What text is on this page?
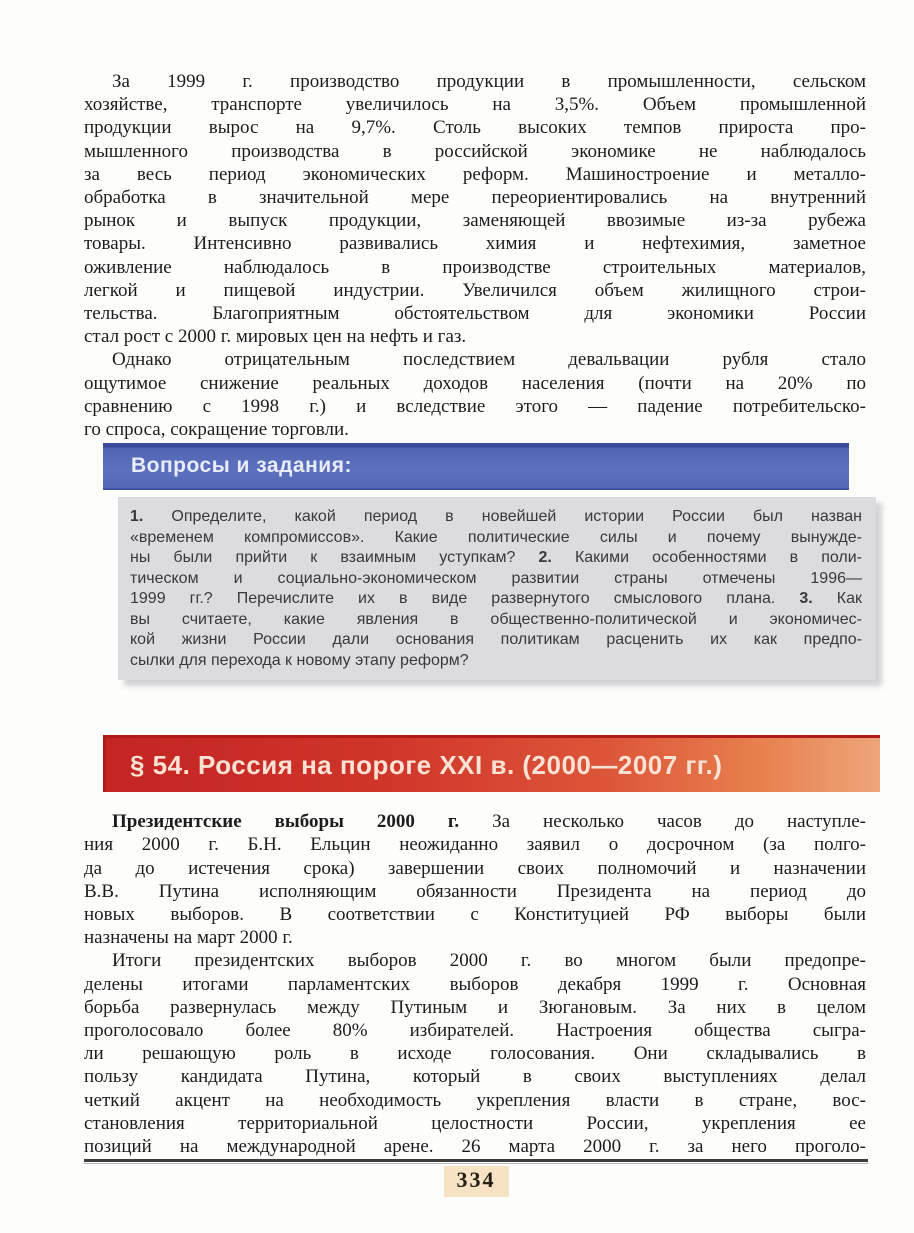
За 1999 г. производство продукции в промышленности, сельском
хозяйстве, транспорте увеличилось на 3,5%. Объем промышленной
продукции вырос на 9,7%. Столь высоких темпов прироста про-
мышленного производства в российской экономике не наблюдалось
за весь период экономических реформ. Машиностроение и металло-
обработка в значительной мере переориентировались на внутренний
рынок и выпуск продукции, заменяющей ввозимые из-за рубежа
товары. Интенсивно развивались химия и нефтехимия, заметное
оживление наблюдалось в производстве строительных материалов,
легкой и пищевой индустрии. Увеличился объем жилищного строи-
тельства. Благоприятным обстоятельством для экономики России
стал рост с 2000 г. мировых цен на нефть и газ.
Однако отрицательным последствием девальвации рубля стало
ощутимое снижение реальных доходов населения (почти на 20% по
сравнению с 1998 г.) и вследствие этого — падение потребительско-
го спроса, сокращение торговли.
Вопросы и задания:
1. Определите, какой период в новейшей истории России был назван
«временем компромиссов». Какие политические силы и почему вынужде-
ны были прийти к взаимным уступкам? 2. Какими особенностями в поли-
тическом и социально-экономическом развитии страны отмечены 1996—
1999 гг.? Перечислите их в виде развернутого смыслового плана. 3. Как
вы считаете, какие явления в общественно-политической и экономичес-
кой жизни России дали основания политикам расценить их как предпо-
сылки для перехода к новому этапу реформ?
§ 54. Россия на пороге XXI в. (2000—2007 гг.)
Президентские выборы 2000 г. За несколько часов до наступле-
ния 2000 г. Б.Н. Ельцин неожиданно заявил о досрочном (за полго-
да до истечения срока) завершении своих полномочий и назначении
В.В. Путина исполняющим обязанности Президента на период до
новых выборов. В соответствии с Конституцией РФ выборы были
назначены на март 2000 г.
Итоги президентских выборов 2000 г. во многом были предопре-
делены итогами парламентских выборов декабря 1999 г. Основная
борьба развернулась между Путиным и Зюгановым. За них в целом
проголосовало более 80% избирателей. Настроения общества сыгра-
ли решающую роль в исходе голосования. Они складывались в
пользу кандидата Путина, который в своих выступлениях делал
четкий акцент на необходимость укрепления власти в стране, вос-
становления территориальной целостности России, укрепления ее
позиций на международной арене. 26 марта 2000 г. за него проголо-
334
